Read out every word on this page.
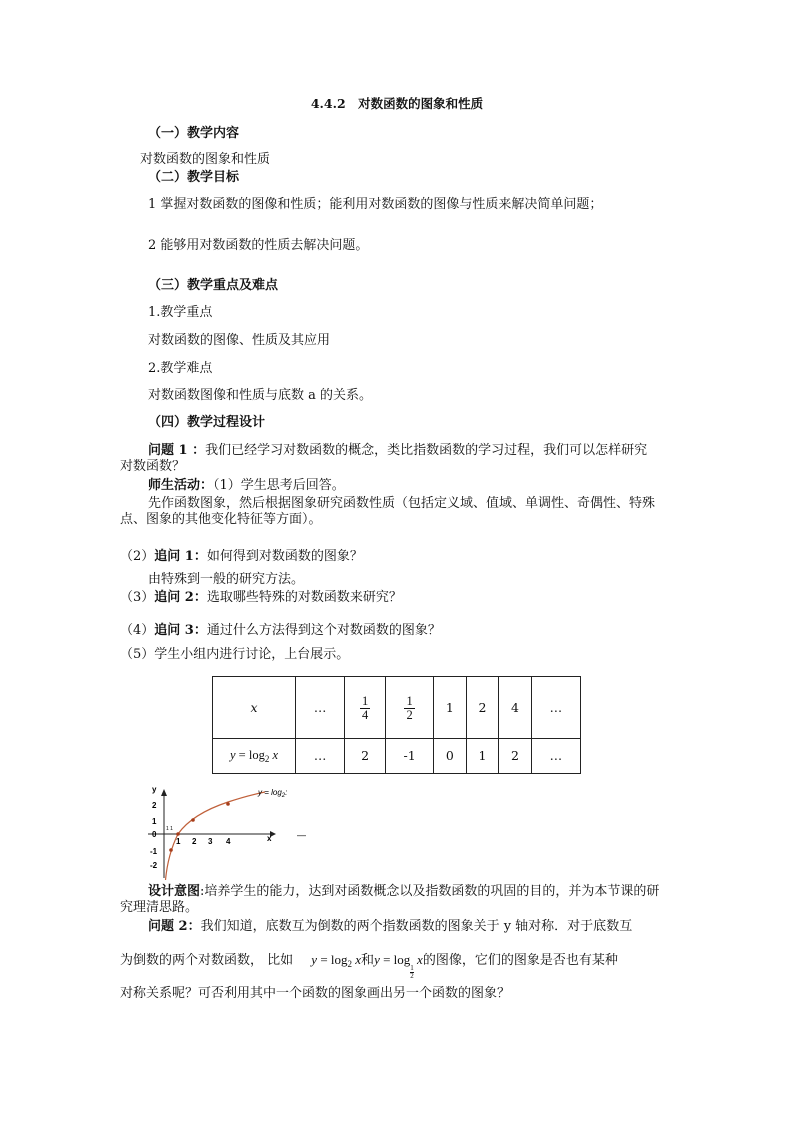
4.4.2　对数函数的图象和性质
（一）教学内容
对数函数的图象和性质
（二）教学目标
1 掌握对数函数的图像和性质；能利用对数函数的图像与性质来解决简单问题；
2 能够用对数函数的性质去解决问题。
（三）教学重点及难点
1.教学重点
对数函数的图像、性质及其应用
2.教学难点
对数函数图像和性质与底数 a 的关系。
（四）教学过程设计
问题 1 ：我们已经学习对数函数的概念，类比指数函数的学习过程，我们可以怎样研究对数函数？
师生活动：（1）学生思考后回答。
先作函数图象，然后根据图象研究函数性质（包括定义域、值域、单调性、奇偶性、特殊点、图象的其他变化特征等方面）。
（2）追问 1：如何得到对数函数的图象？
由特殊到一般的研究方法。
（3）追问 2：选取哪些特殊的对数函数来研究？
（4）追问 3：通过什么方法得到这个对数函数的图象？
（5）学生小组内进行讨论，上台展示。
x	…	$\frac{1}{4}$	$\frac{1}{2}$	1	2	4	…
$y = \log_2 x$	…	2	-1	0	1	2	…
y
x	—
2
1
0
-1
-2
1 1
1 2 3 4
$y = \log_2$:
设计意图:培养学生的能力，达到对函数概念以及指数函数的巩固的目的，并为本节课的研究理清思路。
问题 2：我们知道，底数互为倒数的两个指数函数的图象关于 y 轴对称．对于底数互
为倒数的两个对数函数， 比如 $y = \log_2 x$和y = log
$\frac{1}{2}$
x的图像，它们的图象是否也有某种
对称关系呢？可否利用其中一个函数的图象画出另一个函数的图象？
